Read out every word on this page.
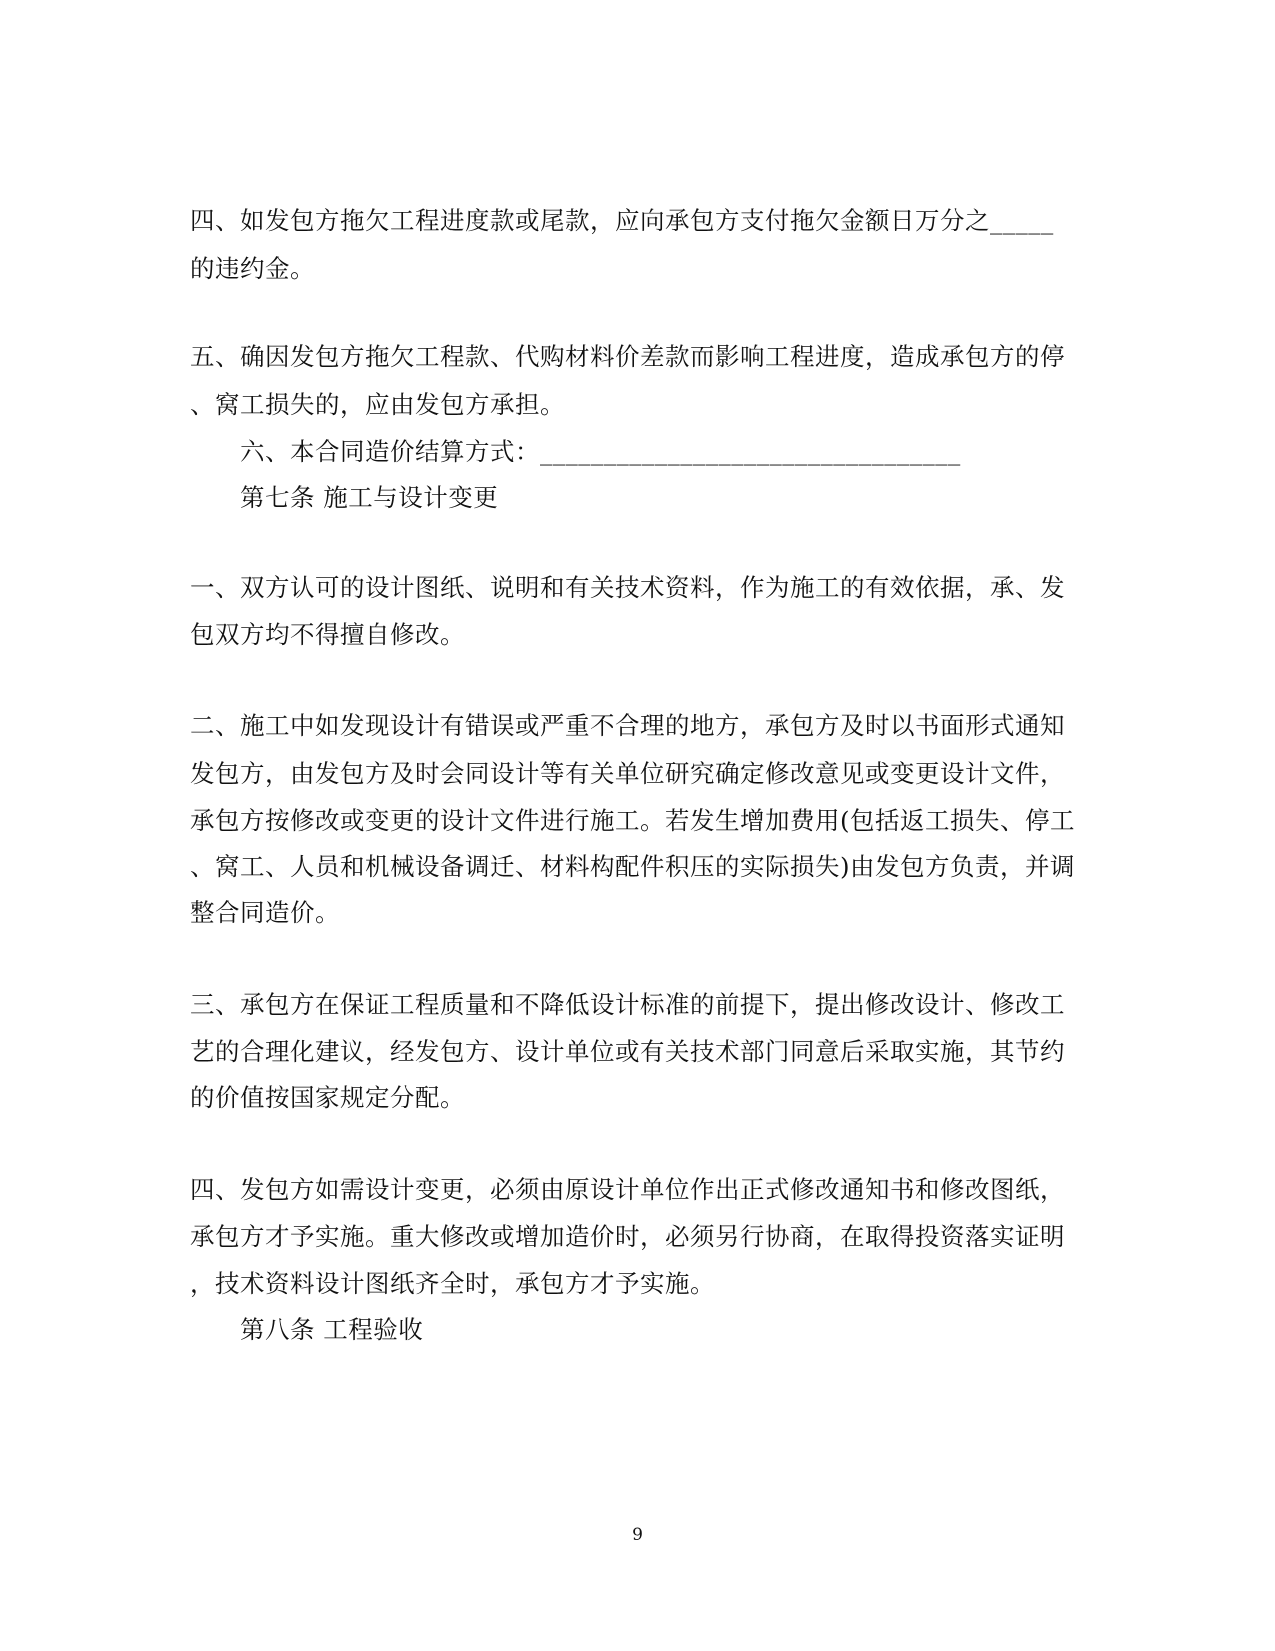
四、如发包方拖欠工程进度款或尾款，应向承包方支付拖欠金额日万分之_____
的违约金。
五、确因发包方拖欠工程款、代购材料价差款而影响工程进度，造成承包方的停
、窝工损失的，应由发包方承担。
六、本合同造价结算方式：_________________________________
第七条 施工与设计变更
一、双方认可的设计图纸、说明和有关技术资料，作为施工的有效依据，承、发
包双方均不得擅自修改。
二、施工中如发现设计有错误或严重不合理的地方，承包方及时以书面形式通知
发包方，由发包方及时会同设计等有关单位研究确定修改意见或变更设计文件，
承包方按修改或变更的设计文件进行施工。若发生增加费用(包括返工损失、停工
、窝工、人员和机械设备调迁、材料构配件积压的实际损失)由发包方负责，并调
整合同造价。
三、承包方在保证工程质量和不降低设计标准的前提下，提出修改设计、修改工
艺的合理化建议，经发包方、设计单位或有关技术部门同意后采取实施，其节约
的价值按国家规定分配。
四、发包方如需设计变更，必须由原设计单位作出正式修改通知书和修改图纸，
承包方才予实施。重大修改或增加造价时，必须另行协商，在取得投资落实证明
，技术资料设计图纸齐全时，承包方才予实施。
第八条 工程验收
9
